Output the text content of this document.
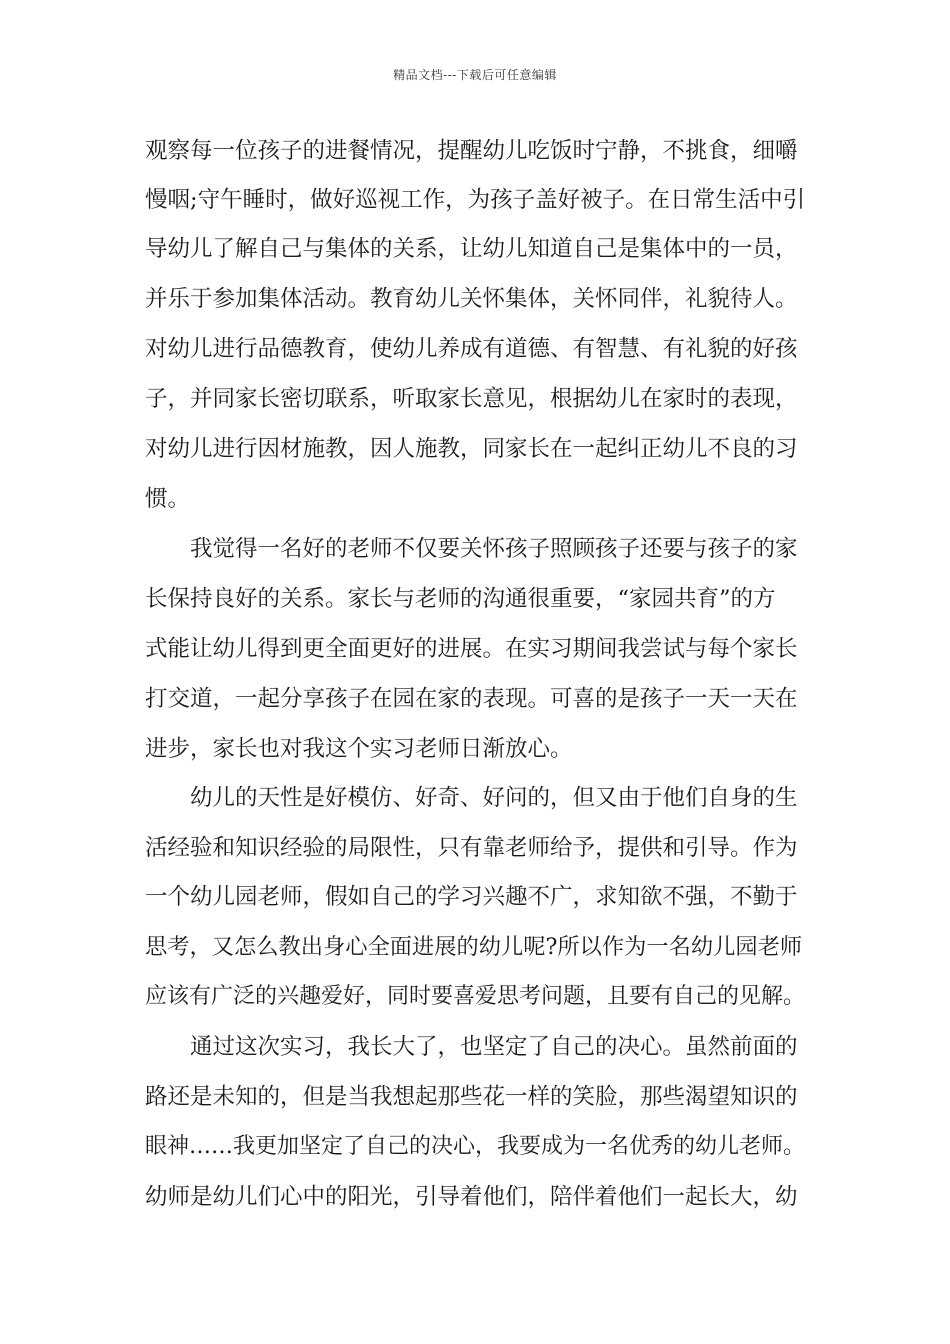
精品文档---下载后可任意编辑
观察每一位孩子的进餐情况，提醒幼儿吃饭时宁静，不挑食，细嚼
慢咽;守午睡时，做好巡视工作，为孩子盖好被子。在日常生活中引
导幼儿了解自己与集体的关系，让幼儿知道自己是集体中的一员，
并乐于参加集体活动。教育幼儿关怀集体，关怀同伴，礼貌待人。
对幼儿进行品德教育，使幼儿养成有道德、有智慧、有礼貌的好孩
子，并同家长密切联系，听取家长意见，根据幼儿在家时的表现，
对幼儿进行因材施教，因人施教，同家长在一起纠正幼儿不良的习
惯。
我觉得一名好的老师不仅要关怀孩子照顾孩子还要与孩子的家
长保持良好的关系。家长与老师的沟通很重要，“家园共育”的方
式能让幼儿得到更全面更好的进展。在实习期间我尝试与每个家长
打交道，一起分享孩子在园在家的表现。可喜的是孩子一天一天在
进步，家长也对我这个实习老师日渐放心。
幼儿的天性是好模仿、好奇、好问的，但又由于他们自身的生
活经验和知识经验的局限性，只有靠老师给予，提供和引导。作为
一个幼儿园老师，假如自己的学习兴趣不广，求知欲不强，不勤于
思考，又怎么教出身心全面进展的幼儿呢?所以作为一名幼儿园老师
应该有广泛的兴趣爱好，同时要喜爱思考问题，且要有自己的见解。
通过这次实习，我长大了，也坚定了自己的决心。虽然前面的
路还是未知的，但是当我想起那些花一样的笑脸，那些渴望知识的
眼神……我更加坚定了自己的决心，我要成为一名优秀的幼儿老师。
幼师是幼儿们心中的阳光，引导着他们，陪伴着他们一起长大，幼
